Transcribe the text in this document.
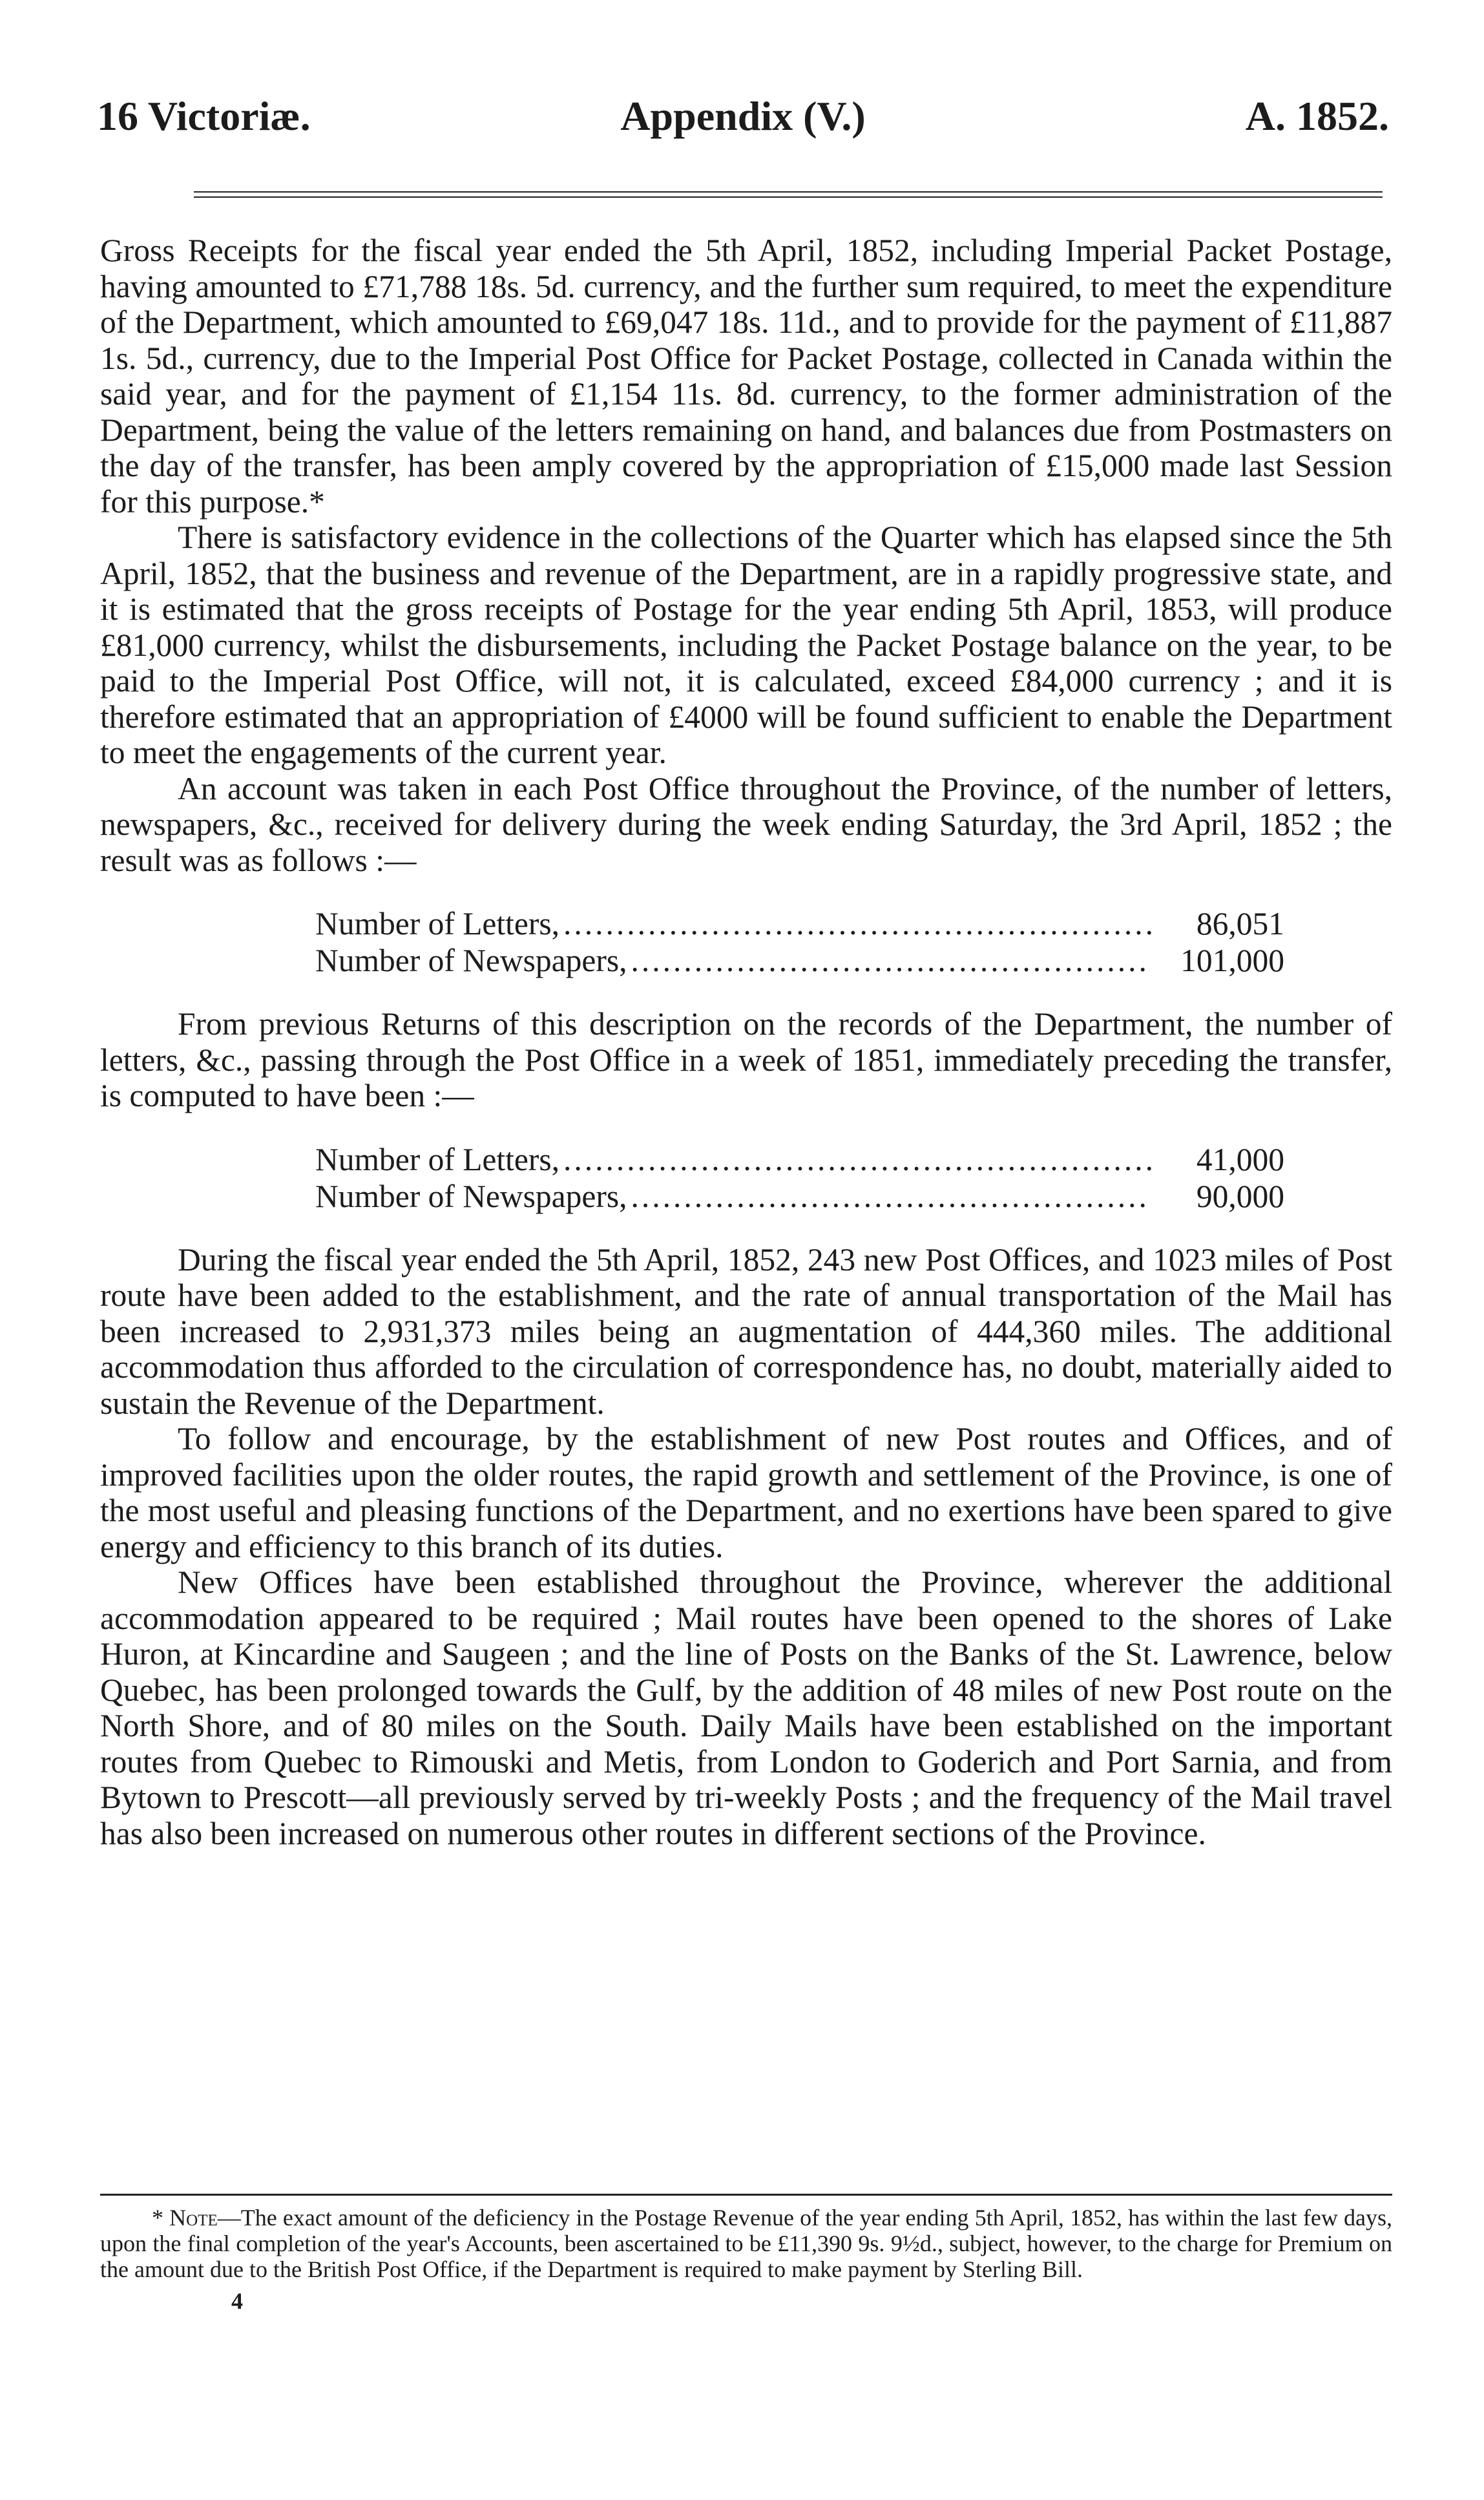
16 Victoriæ.	Appendix (V.)	A. 1852.

Gross Receipts for the fiscal year ended the 5th April, 1852, including Imperial Packet Postage, having amounted to £71,788 18s. 5d. currency, and the further sum required, to meet the expenditure of the Department, which amounted to £69,047 18s. 11d., and to provide for the payment of £11,887 1s. 5d., currency, due to the Imperial Post Office for Packet Postage, collected in Canada within the said year, and for the payment of £1,154 11s. 8d. currency, to the former administration of the Department, being the value of the letters remaining on hand, and balances due from Postmasters on the day of the transfer, has been amply covered by the appropriation of £15,000 made last Session for this purpose.*

There is satisfactory evidence in the collections of the Quarter which has elapsed since the 5th April, 1852, that the business and revenue of the Department, are in a rapidly progressive state, and it is estimated that the gross receipts of Postage for the year ending 5th April, 1853, will produce £81,000 currency, whilst the disbursements, including the Packet Postage balance on the year, to be paid to the Imperial Post Office, will not, it is calculated, exceed £84,000 currency ; and it is therefore estimated that an appropriation of £4000 will be found sufficient to enable the Department to meet the engagements of the current year.

An account was taken in each Post Office throughout the Province, of the number of letters, newspapers, &c., received for delivery during the week ending Saturday, the 3rd April, 1852 ; the result was as follows :—

Number of Letters, .....	86,051
Number of Newspapers, .....	101,000

From previous Returns of this description on the records of the Department, the number of letters, &c., passing through the Post Office in a week of 1851, immediately preceding the transfer, is computed to have been :—

Number of Letters, .....	41,000
Number of Newspapers, .....	90,000

During the fiscal year ended the 5th April, 1852, 243 new Post Offices, and 1023 miles of Post route have been added to the establishment, and the rate of annual transportation of the Mail has been increased to 2,931,373 miles being an augmentation of 444,360 miles. The additional accommodation thus afforded to the circulation of correspondence has, no doubt, materially aided to sustain the Revenue of the Department.

To follow and encourage, by the establishment of new Post routes and Offices, and of improved facilities upon the older routes, the rapid growth and settlement of the Province, is one of the most useful and pleasing functions of the Department, and no exertions have been spared to give energy and efficiency to this branch of its duties.

New Offices have been established throughout the Province, wherever the additional accommodation appeared to be required ; Mail routes have been opened to the shores of Lake Huron, at Kincardine and Saugeen ; and the line of Posts on the Banks of the St. Lawrence, below Quebec, has been prolonged towards the Gulf, by the addition of 48 miles of new Post route on the North Shore, and of 80 miles on the South. Daily Mails have been established on the important routes from Quebec to Rimouski and Metis, from London to Goderich and Port Sarnia, and from Bytown to Prescott—all previously served by tri-weekly Posts ; and the frequency of the Mail travel has also been increased on numerous other routes in different sections of the Province.

* Note—The exact amount of the deficiency in the Postage Revenue of the year ending 5th April, 1852, has within the last few days, upon the final completion of the year's Accounts, been ascertained to be £11,390 9s. 9½d., subject, however, to the charge for Premium on the amount due to the British Post Office, if the Department is required to make payment by Sterling Bill.

4
